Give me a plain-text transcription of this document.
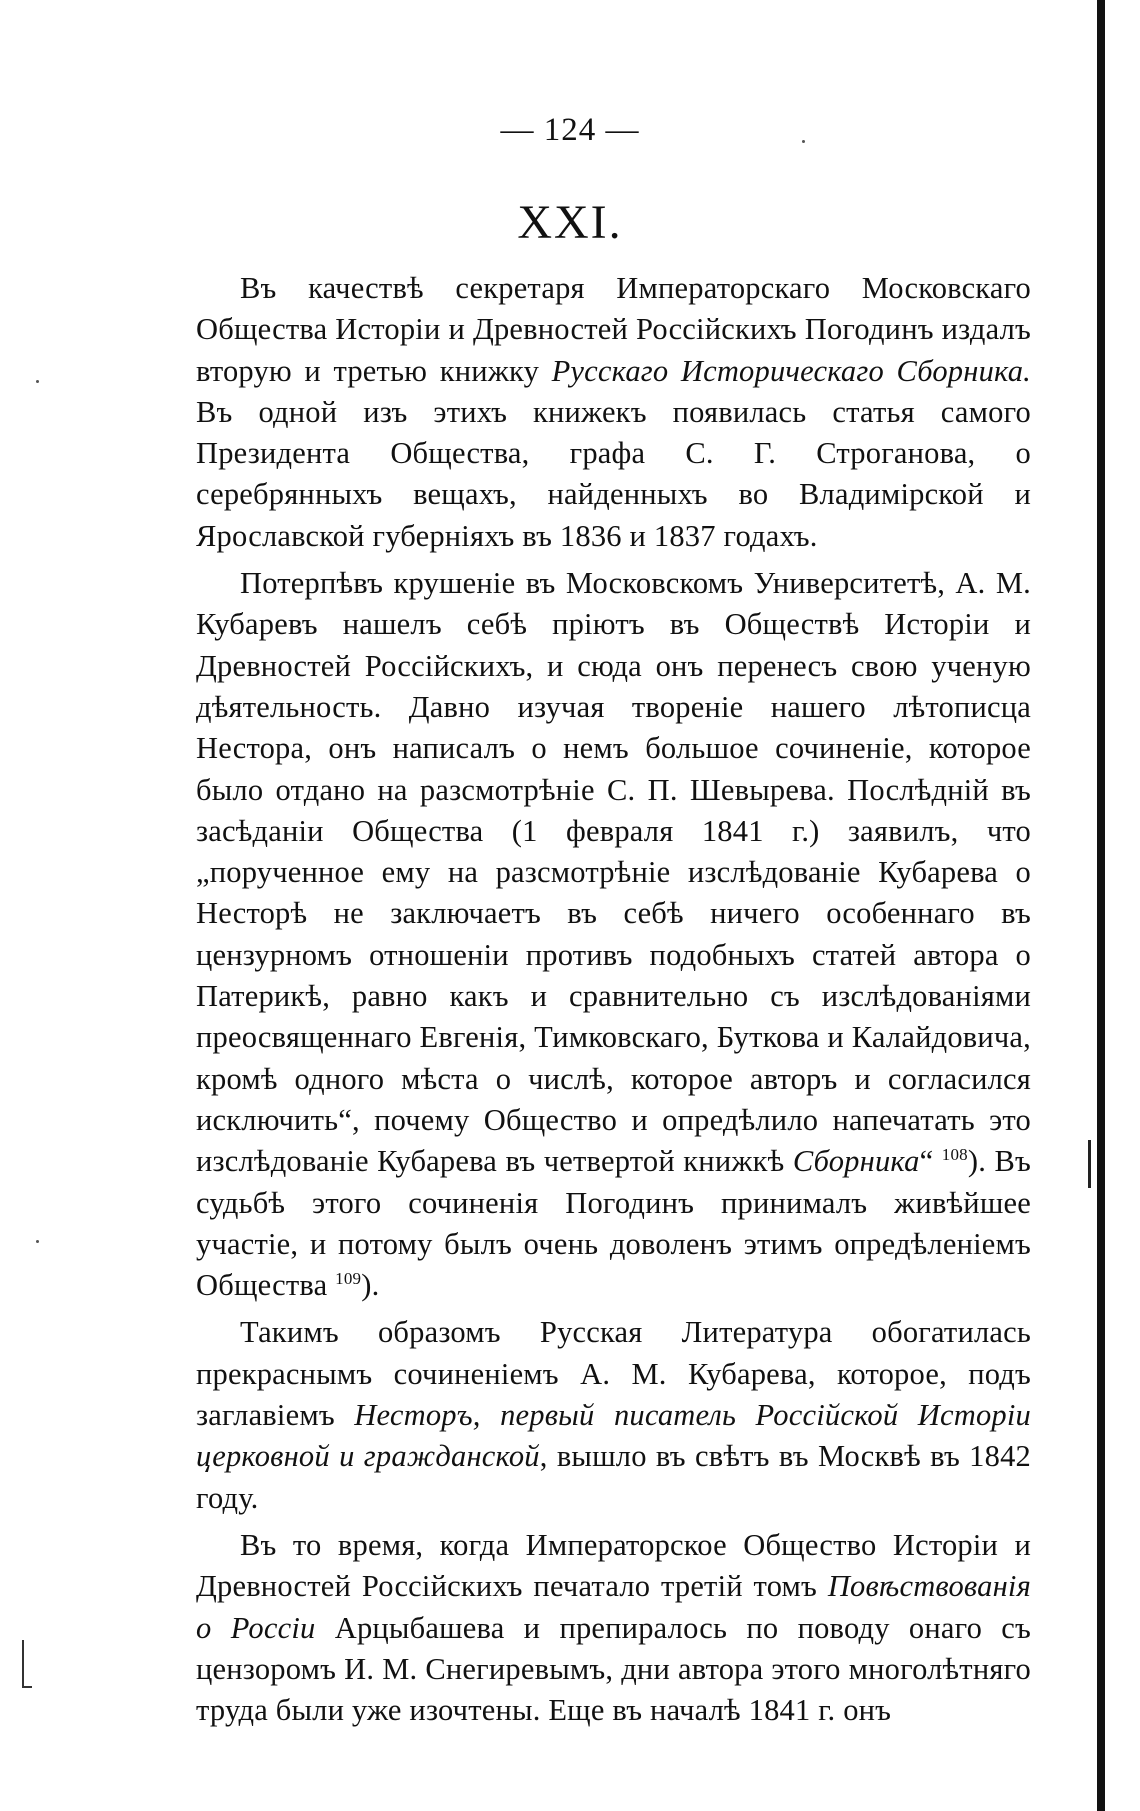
— 124 —
XXI.

Въ качествѣ секретаря Императорскаго Московскаго Общества Исторіи и Древностей Россійскихъ Погодинъ издалъ вторую и третью книжку Русскаго Историческаго Сборника. Въ одной изъ этихъ книжекъ появилась статья самого Президента Общества, графа С. Г. Строганова, о серебрянныхъ вещахъ, найденныхъ во Владимірской и Ярославской губерніяхъ въ 1836 и 1837 годахъ.

Потерпѣвъ крушеніе въ Московскомъ Университетѣ, А. М. Кубаревъ нашелъ себѣ пріютъ въ Обществѣ Исторіи и Древностей Россійскихъ, и сюда онъ перенесъ свою ученую дѣятельность. Давно изучая твореніе нашего лѣтописца Нестора, онъ написалъ о немъ большое сочиненіе, которое было отдано на разсмотрѣніе С. П. Шевырева. Послѣдній въ засѣданіи Общества (1 февраля 1841 г.) заявилъ, что „порученное ему на разсмотрѣніе изслѣдованіе Кубарева о Несторѣ не заключаетъ въ себѣ ничего особеннаго въ цензурномъ отношеніи противъ подобныхъ статей автора о Патерикѣ, равно какъ и сравнительно съ изслѣдованіями преосвященнаго Евгенія, Тимковскаго, Буткова и Калайдовича, кромѣ одного мѣста о числѣ, которое авторъ и согласился исключить“, почему Общество и опредѣлило напечатать это изслѣдованіе Кубарева въ четвертой книжкѣ Сборника“ $^{108}$). Въ судьбѣ этого сочиненія Погодинъ принималъ живѣйшее участіе, и потому былъ очень доволенъ этимъ опредѣленіемъ Общества $^{109}$).

Такимъ образомъ Русская Литература обогатилась прекраснымъ сочиненіемъ А. М. Кубарева, которое, подъ заглавіемъ Несторъ, первый писатель Россійской Исторіи церковной и гражданской, вышло въ свѣтъ въ Москвѣ въ 1842 году.

Въ то время, когда Императорское Общество Исторіи и Древностей Россійскихъ печатало третій томъ Повѣствованія о Россіи Арцыбашева и препиралось по поводу онаго съ цензоромъ И. М. Снегиревымъ, дни автора этого многолѣтняго труда были уже изочтены. Еще въ началѣ 1841 г. онъ
